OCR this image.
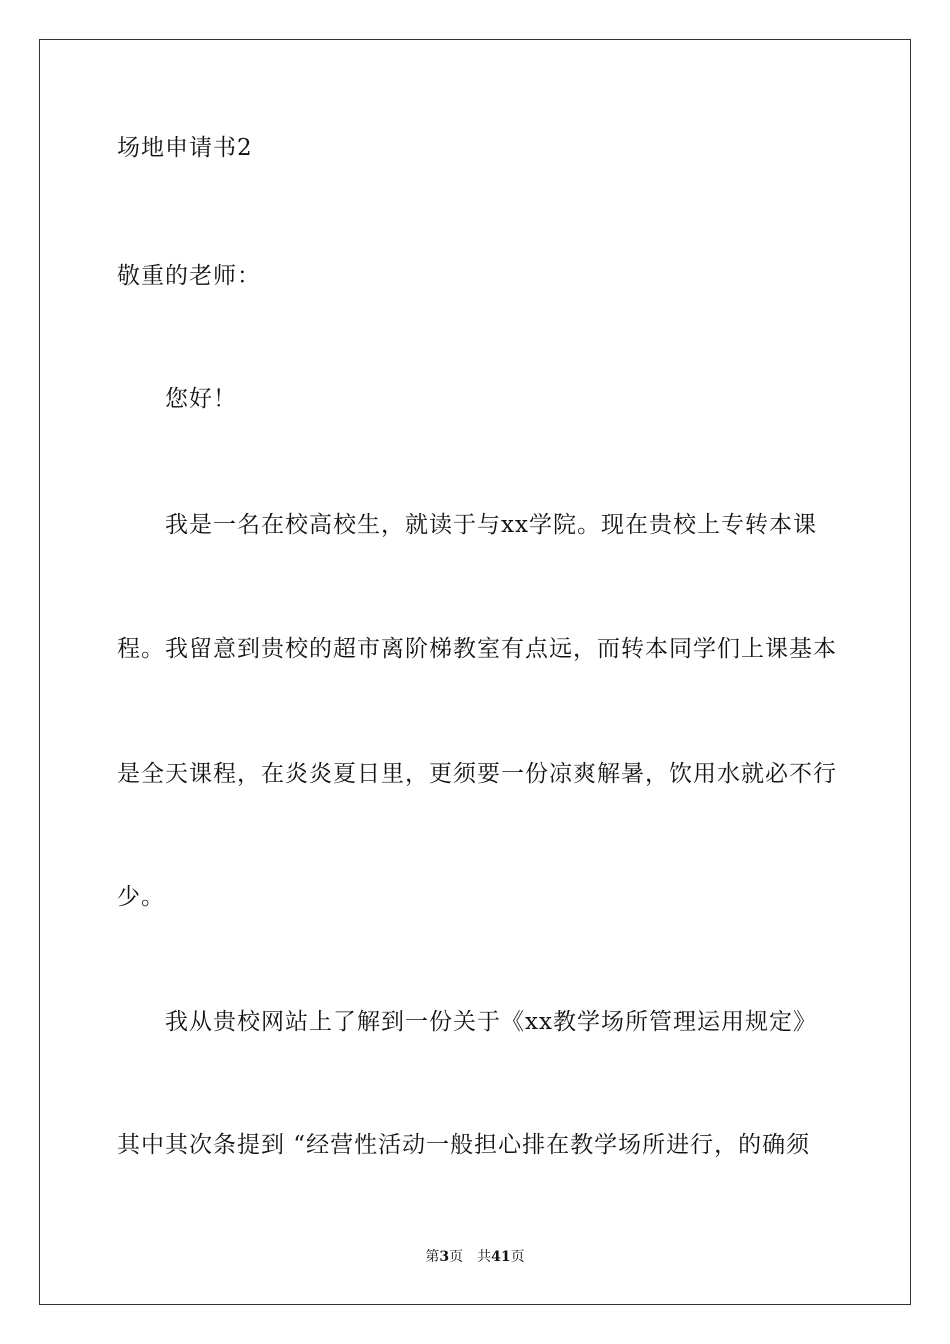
场地申请书2
敬重的老师：
您好！
我是一名在校高校生，就读于与xx学院。现在贵校上专转本课
程。我留意到贵校的超市离阶梯教室有点远，而转本同学们上课基本
是全天课程，在炎炎夏日里，更须要一份凉爽解暑，饮用水就必不行
少。
我从贵校网站上了解到一份关于《xx教学场所管理运用规定》
其中其次条提到 “经营性活动一般担心排在教学场所进行，的确须
第3页 共41页
